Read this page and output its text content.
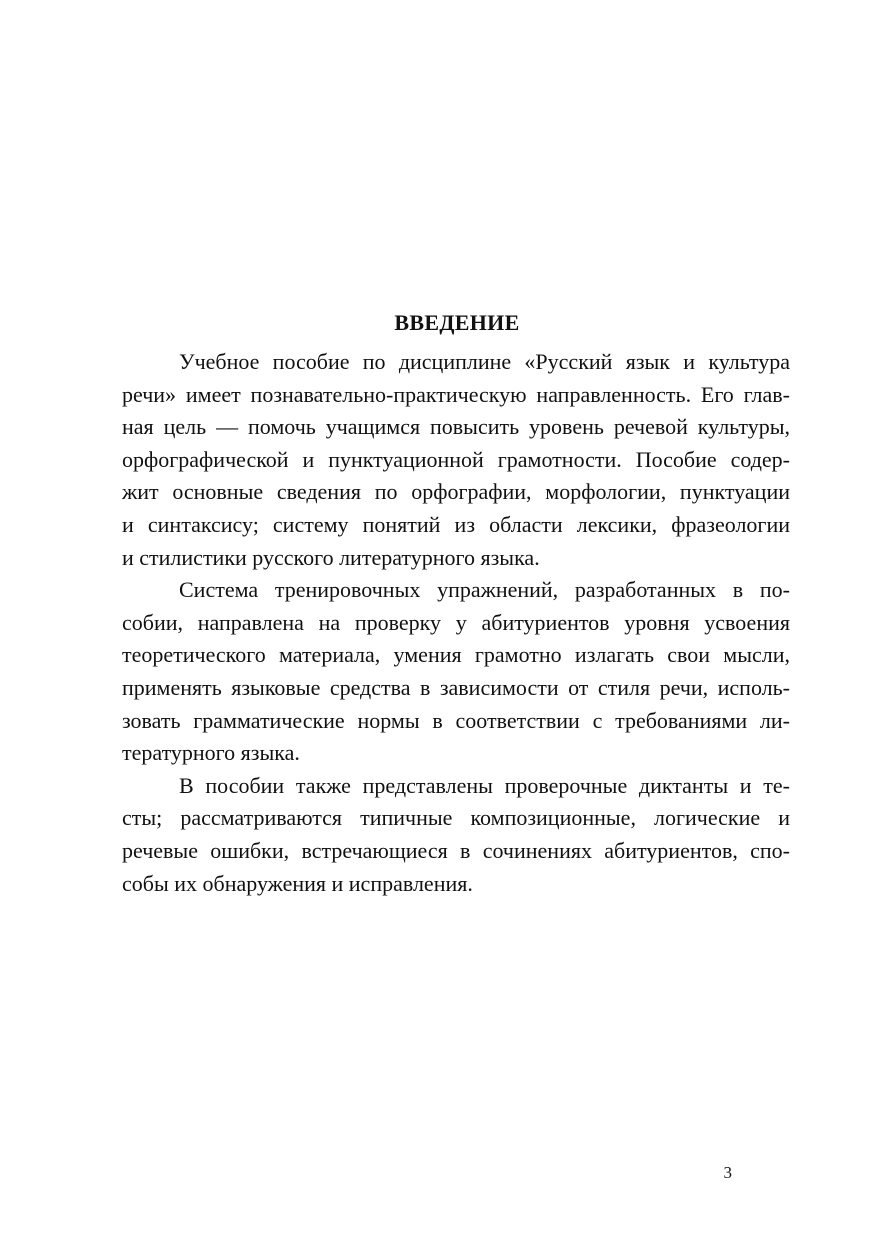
ВВЕДЕНИЕ

Учебное пособие по дисциплине «Русский язык и культура
речи» имеет познавательно-практическую направленность. Его глав-
ная цель — помочь учащимся повысить уровень речевой культуры,
орфографической и пунктуационной грамотности. Пособие содер-
жит основные сведения по орфографии, морфологии, пунктуации
и синтаксису; систему понятий из области лексики, фразеологии
и стилистики русского литературного языка.

Система тренировочных упражнений, разработанных в по-
собии, направлена на проверку у абитуриентов уровня усвоения
теоретического материала, умения грамотно излагать свои мысли,
применять языковые средства в зависимости от стиля речи, исполь-
зовать грамматические нормы в соответствии с требованиями ли-
тературного языка.

В пособии также представлены проверочные диктанты и те-
сты; рассматриваются типичные композиционные, логические и
речевые ошибки, встречающиеся в сочинениях абитуриентов, спо-
собы их обнаружения и исправления.

3
